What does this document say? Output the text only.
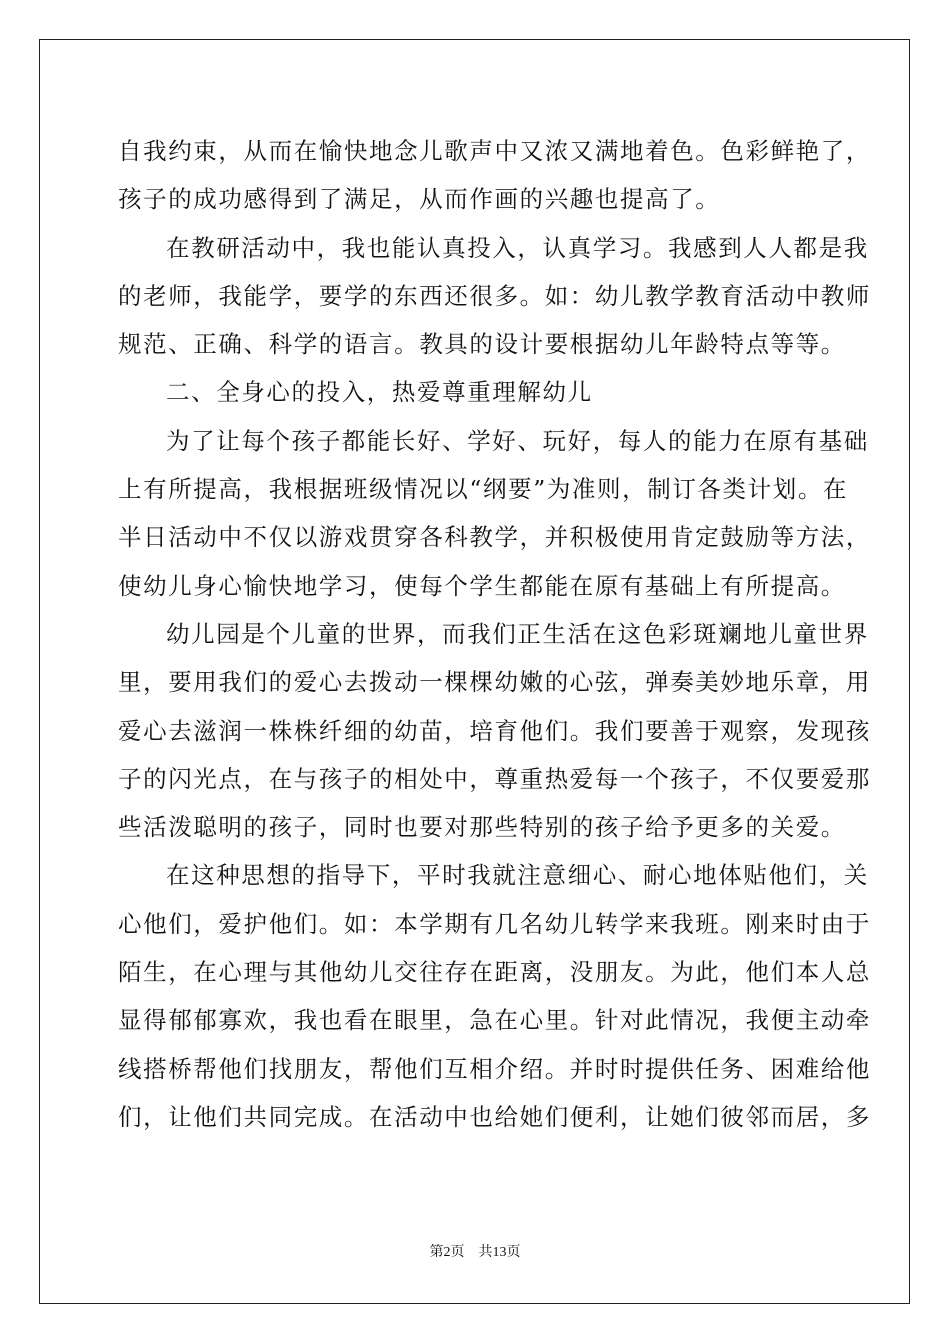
自我约束，从而在愉快地念儿歌声中又浓又满地着色。色彩鲜艳了，
孩子的成功感得到了满足，从而作画的兴趣也提高了。
在教研活动中，我也能认真投入，认真学习。我感到人人都是我
的老师，我能学，要学的东西还很多。如：幼儿教学教育活动中教师
规范、正确、科学的语言。教具的设计要根据幼儿年龄特点等等。
二、全身心的投入，热爱尊重理解幼儿
为了让每个孩子都能长好、学好、玩好，每人的能力在原有基础
上有所提高，我根据班级情况以“纲要”为准则，制订各类计划。在
半日活动中不仅以游戏贯穿各科教学，并积极使用肯定鼓励等方法，
使幼儿身心愉快地学习，使每个学生都能在原有基础上有所提高。
幼儿园是个儿童的世界，而我们正生活在这色彩斑斓地儿童世界
里，要用我们的爱心去拨动一棵棵幼嫩的心弦，弹奏美妙地乐章，用
爱心去滋润一株株纤细的幼苗，培育他们。我们要善于观察，发现孩
子的闪光点，在与孩子的相处中，尊重热爱每一个孩子，不仅要爱那
些活泼聪明的孩子，同时也要对那些特别的孩子给予更多的关爱。
在这种思想的指导下，平时我就注意细心、耐心地体贴他们，关
心他们，爱护他们。如：本学期有几名幼儿转学来我班。刚来时由于
陌生，在心理与其他幼儿交往存在距离，没朋友。为此，他们本人总
显得郁郁寡欢，我也看在眼里，急在心里。针对此情况，我便主动牵
线搭桥帮他们找朋友，帮他们互相介绍。并时时提供任务、困难给他
们，让他们共同完成。在活动中也给她们便利，让她们彼邻而居，多
第2页 共13页
